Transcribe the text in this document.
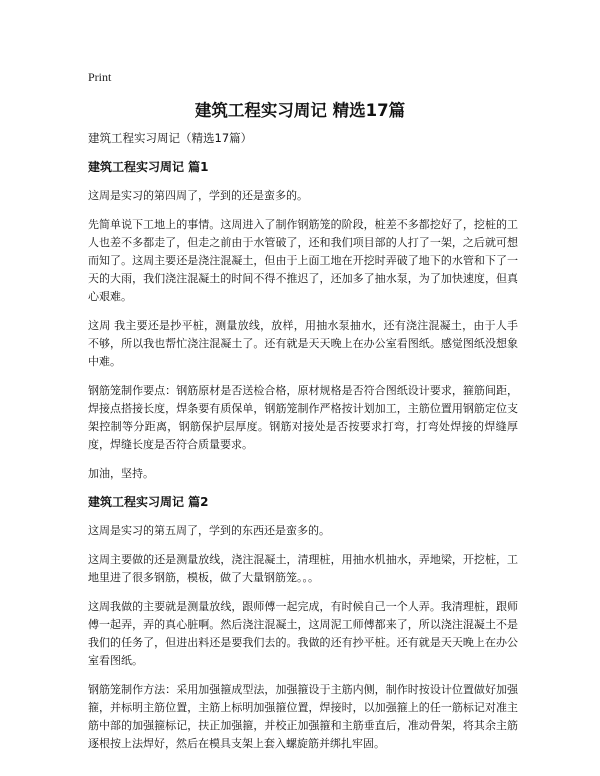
Print
建筑工程实习周记 精选17篇

建筑工程实习周记（精选17篇）

建筑工程实习周记 篇1

这周是实习的第四周了，学到的还是蛮多的。

先简单说下工地上的事情。这周进入了制作钢筋笼的阶段，桩差不多都挖好了，挖桩的工人也差不多都走了，但走之前由于水管破了，还和我们项目部的人打了一架，之后就可想而知了。这周主要还是浇注混凝土，但由于上面工地在开挖时弄破了地下的水管和下了一天的大雨，我们浇注混凝土的时间不得不推迟了，还加多了抽水泵，为了加快速度，但真心艰难。

这周 我主要还是抄平桩，测量放线，放样，用抽水泵抽水，还有浇注混凝土，由于人手不够，所以我也帮忙浇注混凝土了。还有就是天天晚上在办公室看图纸。感觉图纸没想象中难。

钢筋笼制作要点：钢筋原材是否送检合格，原材规格是否符合图纸设计要求，箍筋间距，焊接点搭接长度，焊条要有质保单，钢筋笼制作严格按计划加工，主筋位置用钢筋定位支架控制等分距离，钢筋保护层厚度。钢筋对接处是否按要求打弯，打弯处焊接的焊缝厚度，焊缝长度是否符合质量要求。

加油，坚持。

建筑工程实习周记 篇2

这周是实习的第五周了，学到的东西还是蛮多的。

这周主要做的还是测量放线，浇注混凝土，清理桩，用抽水机抽水，弄地梁，开挖桩，工地里进了很多钢筋，模板，做了大量钢筋笼。。。

这周我做的主要就是测量放线，跟师傅一起完成，有时候自己一个人弄。我清理桩，跟师傅一起弄，弄的真心脏啊。然后浇注混凝土，这周泥工师傅都来了，所以浇注混凝土不是我们的任务了，但进出料还是要我们去的。我做的还有抄平桩。还有就是天天晚上在办公室看图纸。

钢筋笼制作方法：采用加强箍成型法，加强箍设于主筋内侧，制作时按设计位置做好加强箍，并标明主筋位置，主筋上标明加强箍位置，焊接时，以加强箍上的任一筋标记对准主筋中部的加强箍标记，扶正加强箍，并校正加强箍和主筋垂直后，准动骨架，将其余主筋逐根按上法焊好，然后在模具支架上套入螺旋筋并绑扎牢固。
